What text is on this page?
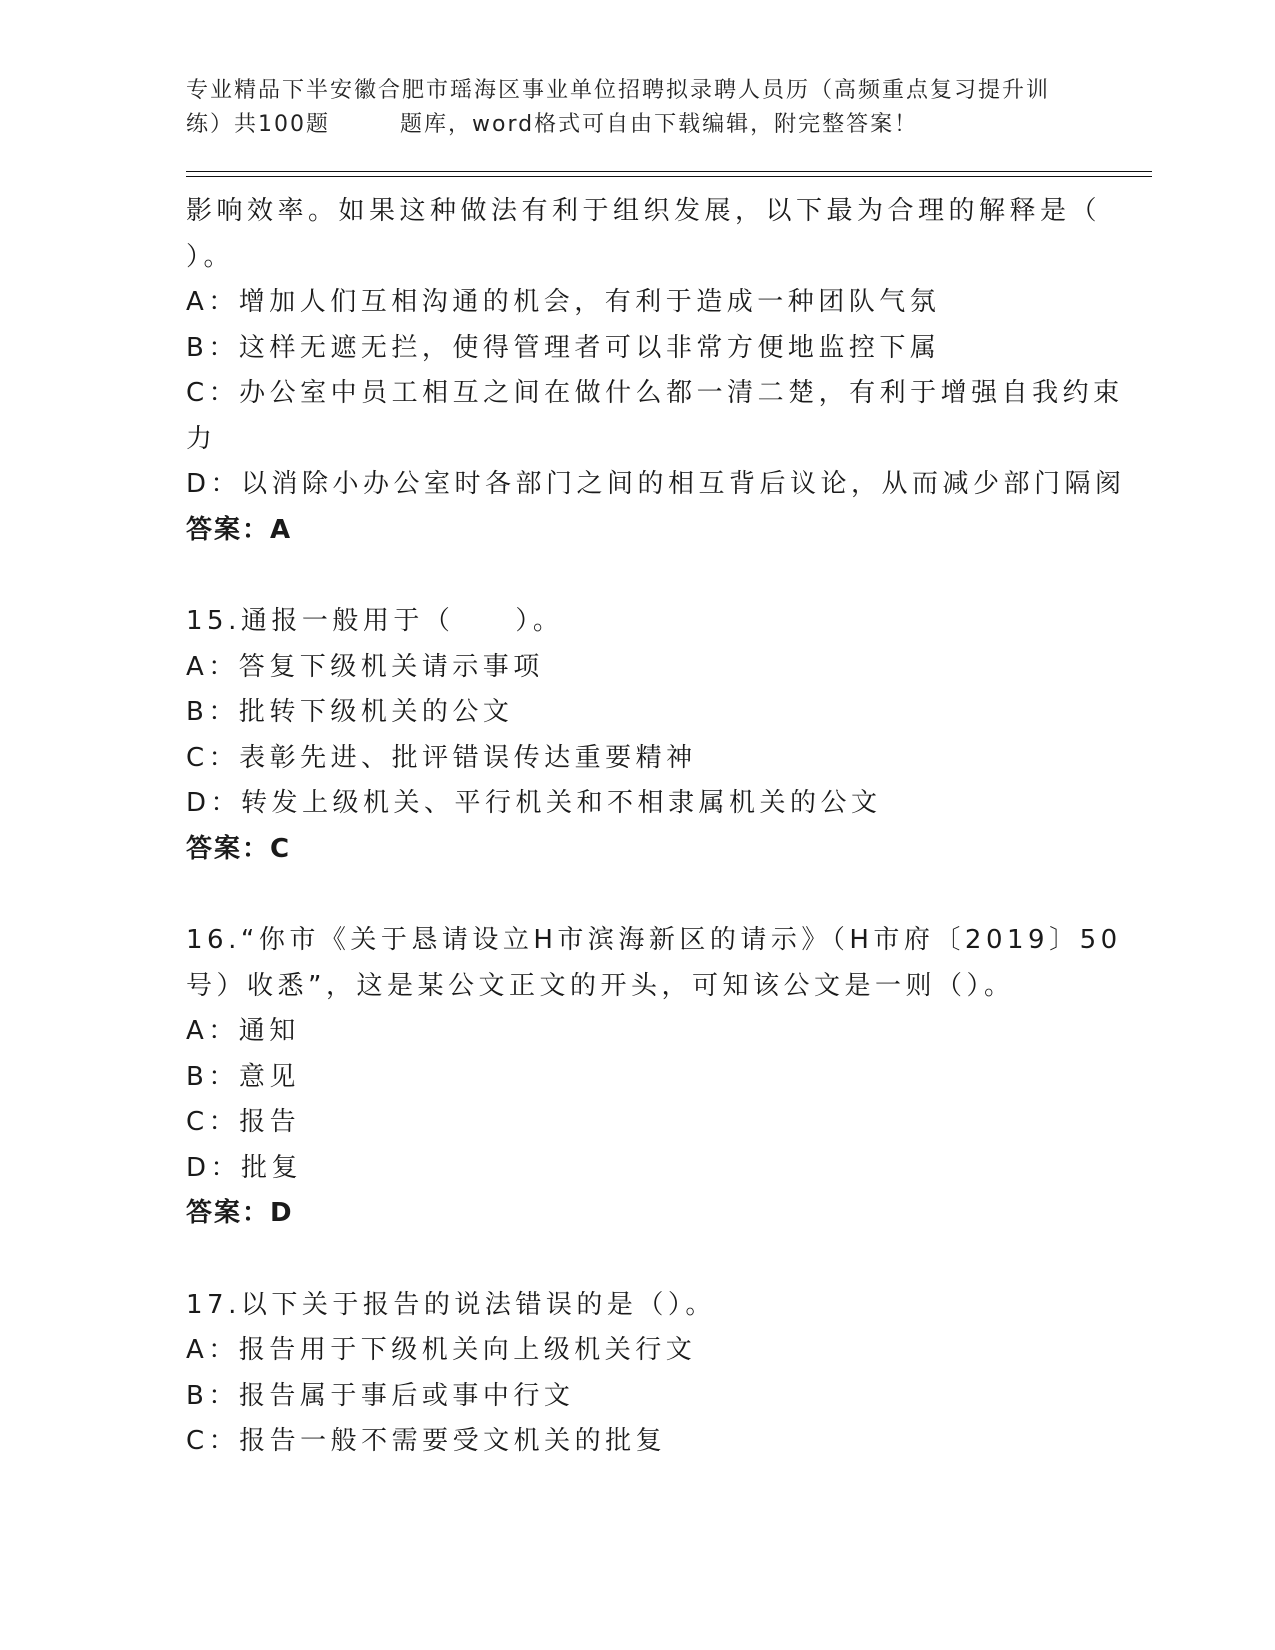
专业精品下半安徽合肥市瑶海区事业单位招聘拟录聘人员历（高频重点复习提升训
练）共100题	题库，word格式可自由下载编辑，附完整答案！
影响效率。如果这种做法有利于组织发展，以下最为合理的解释是（
）。
A：增加人们互相沟通的机会，有利于造成一种团队气氛
B：这样无遮无拦，使得管理者可以非常方便地监控下属
C：办公室中员工相互之间在做什么都一清二楚，有利于增强自我约束
力
D：以消除小办公室时各部门之间的相互背后议论，从而减少部门隔阂
答案：A
15.通报一般用于（　　）。
A：答复下级机关请示事项
B：批转下级机关的公文
C：表彰先进、批评错误传达重要精神
D：转发上级机关、平行机关和不相隶属机关的公文
答案：C
16.“你市《关于恳请设立H市滨海新区的请示》（H市府〔2019〕50
号）收悉”，这是某公文正文的开头，可知该公文是一则（）。
A：通知
B：意见
C：报告
D：批复
答案：D
17.以下关于报告的说法错误的是（）。
A：报告用于下级机关向上级机关行文
B：报告属于事后或事中行文
C：报告一般不需要受文机关的批复
